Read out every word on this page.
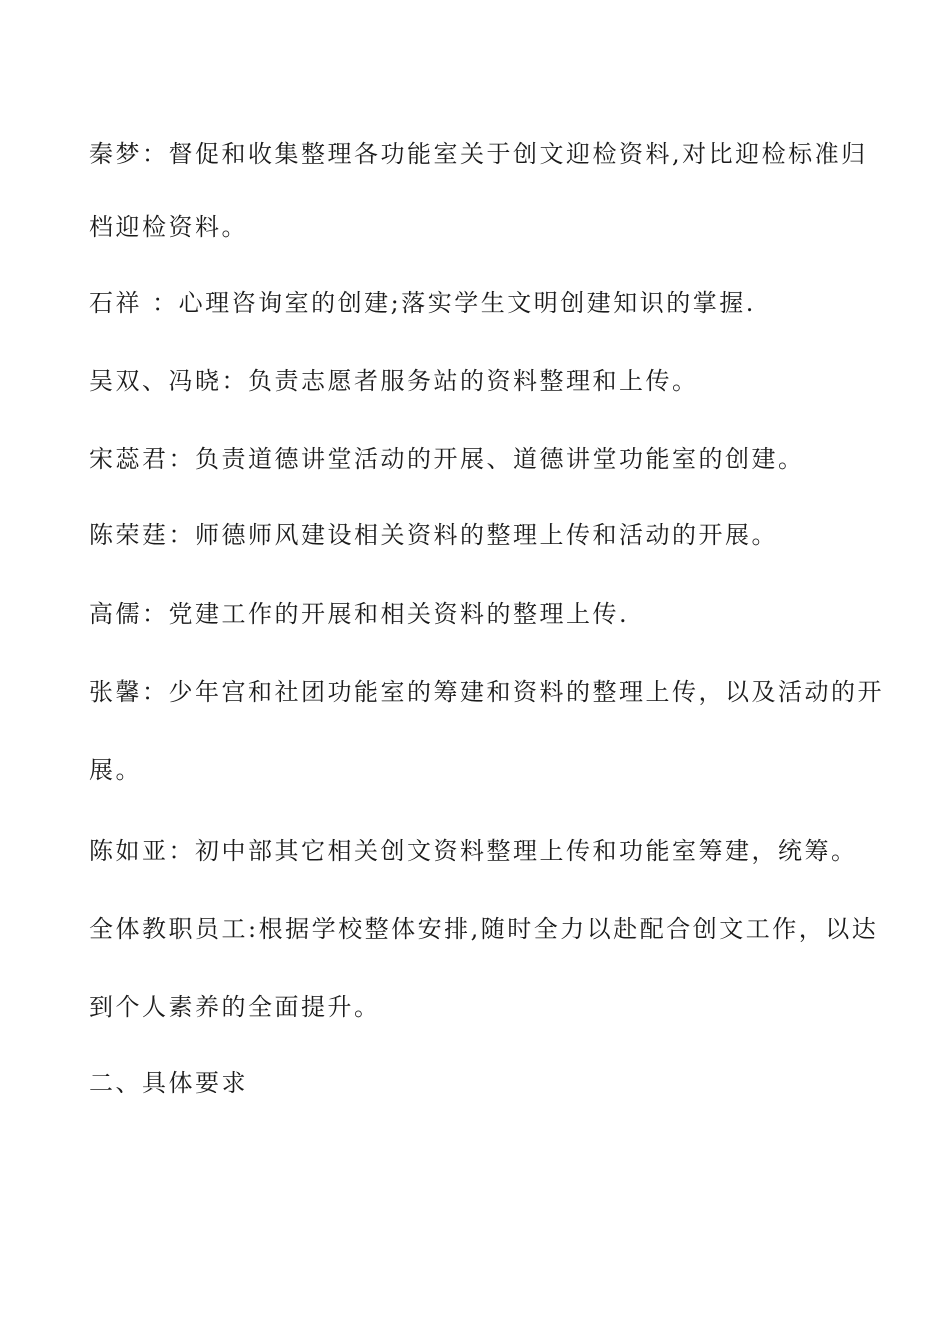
秦梦：督促和收集整理各功能室关于创文迎检资料,对比迎检标准归

档迎检资料。

石祥 ：心理咨询室的创建;落实学生文明创建知识的掌握.

吴双、冯晓：负责志愿者服务站的资料整理和上传。

宋蕊君：负责道德讲堂活动的开展、道德讲堂功能室的创建。

陈荣莛：师德师风建设相关资料的整理上传和活动的开展。

高儒：党建工作的开展和相关资料的整理上传.

张馨：少年宫和社团功能室的筹建和资料的整理上传，以及活动的开

展。

陈如亚：初中部其它相关创文资料整理上传和功能室筹建，统筹。

全体教职员工:根据学校整体安排,随时全力以赴配合创文工作，以达

到个人素养的全面提升。

二、具体要求
